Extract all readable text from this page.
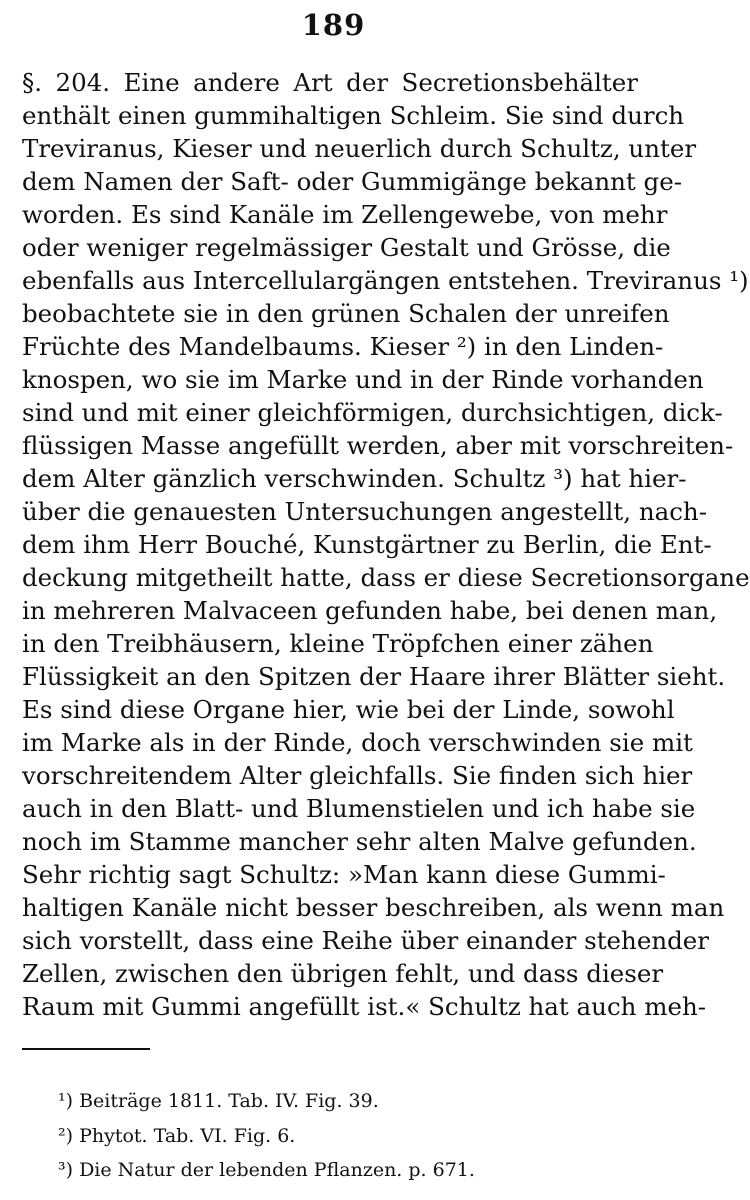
189
§. 204. Eine andere Art der Secretionsbehälter
enthält einen gummihaltigen Schleim. Sie sind durch
Treviranus, Kieser und neuerlich durch Schultz, unter
dem Namen der Saft- oder Gummigänge bekannt ge-
worden. Es sind Kanäle im Zellengewebe, von mehr
oder weniger regelmässiger Gestalt und Grösse, die
ebenfalls aus Intercellulargängen entstehen. Treviranus ¹)
beobachtete sie in den grünen Schalen der unreifen
Früchte des Mandelbaums. Kieser ²) in den Linden-
knospen, wo sie im Marke und in der Rinde vorhanden
sind und mit einer gleichförmigen, durchsichtigen, dick-
flüssigen Masse angefüllt werden, aber mit vorschreiten-
dem Alter gänzlich verschwinden. Schultz ³) hat hier-
über die genauesten Untersuchungen angestellt, nach-
dem ihm Herr Bouché, Kunstgärtner zu Berlin, die Ent-
deckung mitgetheilt hatte, dass er diese Secretionsorgane
in mehreren Malvaceen gefunden habe, bei denen man,
in den Treibhäusern, kleine Tröpfchen einer zähen
Flüssigkeit an den Spitzen der Haare ihrer Blätter sieht.
Es sind diese Organe hier, wie bei der Linde, sowohl
im Marke als in der Rinde, doch verschwinden sie mit
vorschreitendem Alter gleichfalls. Sie finden sich hier
auch in den Blatt- und Blumenstielen und ich habe sie
noch im Stamme mancher sehr alten Malve gefunden.
Sehr richtig sagt Schultz: »Man kann diese Gummi-
haltigen Kanäle nicht besser beschreiben, als wenn man
sich vorstellt, dass eine Reihe über einander stehender
Zellen, zwischen den übrigen fehlt, und dass dieser
Raum mit Gummi angefüllt ist.« Schultz hat auch meh-
¹) Beiträge 1811. Tab. IV. Fig. 39.
²) Phytot. Tab. VI. Fig. 6.
³) Die Natur der lebenden Pflanzen. p. 671.
